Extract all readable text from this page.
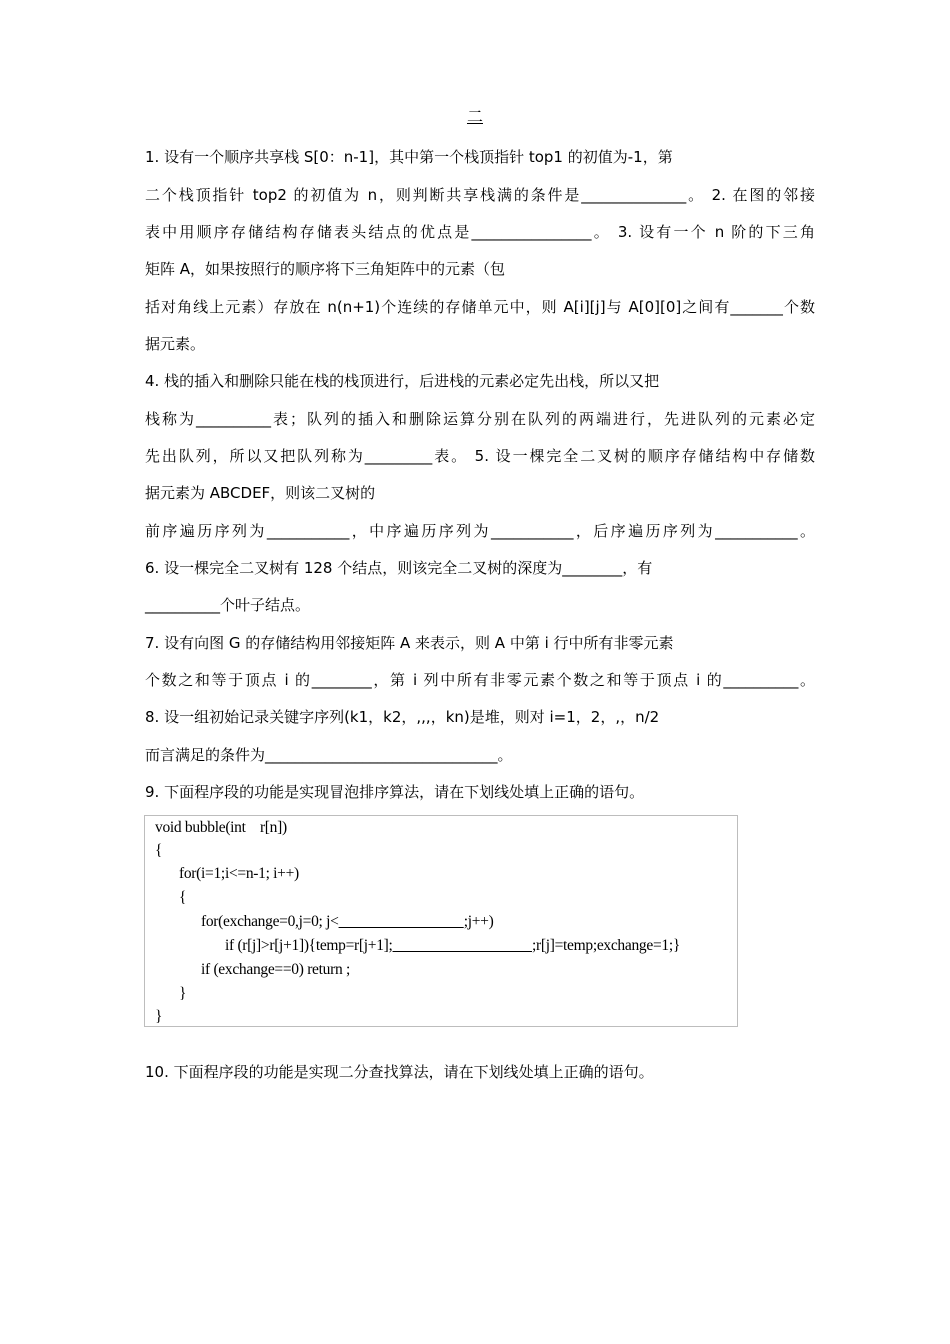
二
1. 设有一个顺序共享栈 S[0：n-1]，其中第一个栈顶指针 top1 的初值为-1，第
二个栈顶指针 top2 的初值为 n，则判断共享栈满的条件是______________。 2. 在图的邻接
表中用顺序存储结构存储表头结点的优点是________________。 3. 设有一个 n 阶的下三角
矩阵 A，如果按照行的顺序将下三角矩阵中的元素（包
括对角线上元素）存放在 n(n+1)个连续的存储单元中，则 A[i][j]与 A[0][0]之间有_______个数
据元素。
4. 栈的插入和删除只能在栈的栈顶进行，后进栈的元素必定先出栈，所以又把
栈称为__________表；队列的插入和删除运算分别在队列的两端进行，先进队列的元素必定
先出队列，所以又把队列称为_________表。 5. 设一棵完全二叉树的顺序存储结构中存储数
据元素为 ABCDEF，则该二叉树的
前序遍历序列为___________，中序遍历序列为___________，后序遍历序列为___________。
6. 设一棵完全二叉树有 128 个结点，则该完全二叉树的深度为________，有
__________个叶子结点。
7. 设有向图 G 的存储结构用邻接矩阵 A 来表示，则 A 中第 i 行中所有非零元素
个数之和等于顶点 i 的________，第 i 列中所有非零元素个数之和等于顶点 i 的__________。
8. 设一组初始记录关键字序列(k1，k2，,,,，kn)是堆，则对 i=1，2，,，n/2
而言满足的条件为_______________________________。
9. 下面程序段的功能是实现冒泡排序算法，请在下划线处填上正确的语句。
void bubble(int    r[n])
{
for(i=1;i<=n-1; i++)
{
for(exchange=0,j=0; j<	;j++)
if (r[j]>r[j+1]){temp=r[j+1];	;r[j]=temp;exchange=1;}
if (exchange==0) return ;
}
}
10. 下面程序段的功能是实现二分查找算法，请在下划线处填上正确的语句。
